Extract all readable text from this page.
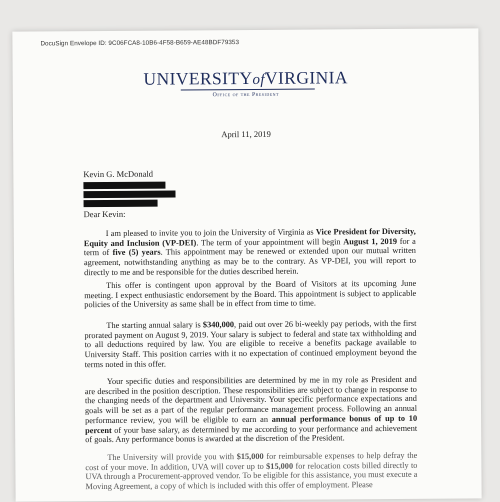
DocuSign Envelope ID: 9C06FCA8-10B6-4F58-B659-AE48BDF79353
UNIVERSITYofVIRGINIA
Office of the President
April 11, 2019
Kevin G. McDonald
Dear Kevin:
I am pleased to invite you to join the University of Virginia as Vice President for Diversity, Equity and Inclusion (VP-DEI). The term of your appointment will begin August 1, 2019 for a term of five (5) years. This appointment may be renewed or extended upon our mutual written agreement, notwithstanding anything as may be to the contrary. As VP-DEI, you will report to directly to me and be responsible for the duties described herein.
This offer is contingent upon approval by the Board of Visitors at its upcoming June meeting. I expect enthusiastic endorsement by the Board. This appointment is subject to applicable policies of the University as same shall be in effect from time to time.
The starting annual salary is $340,000, paid out over 26 bi-weekly pay periods, with the first prorated payment on August 9, 2019. Your salary is subject to federal and state tax withholding and to all deductions required by law. You are eligible to receive a benefits package available to University Staff. This position carries with it no expectation of continued employment beyond the terms noted in this offer.
Your specific duties and responsibilities are determined by me in my role as President and are described in the position description. These responsibilities are subject to change in response to the changing needs of the department and University. Your specific performance expectations and goals will be set as a part of the regular performance management process. Following an annual performance review, you will be eligible to earn an annual performance bonus of up to 10 percent of your base salary, as determined by me according to your performance and achievement of goals. Any performance bonus is awarded at the discretion of the President.
The University will provide you with $15,000 for reimbursable expenses to help defray the cost of your move. In addition, UVA will cover up to $15,000 for relocation costs billed directly to UVA through a Procurement-approved vendor. To be eligible for this assistance, you must execute a Moving Agreement, a copy of which is included with this offer of employment. Please
